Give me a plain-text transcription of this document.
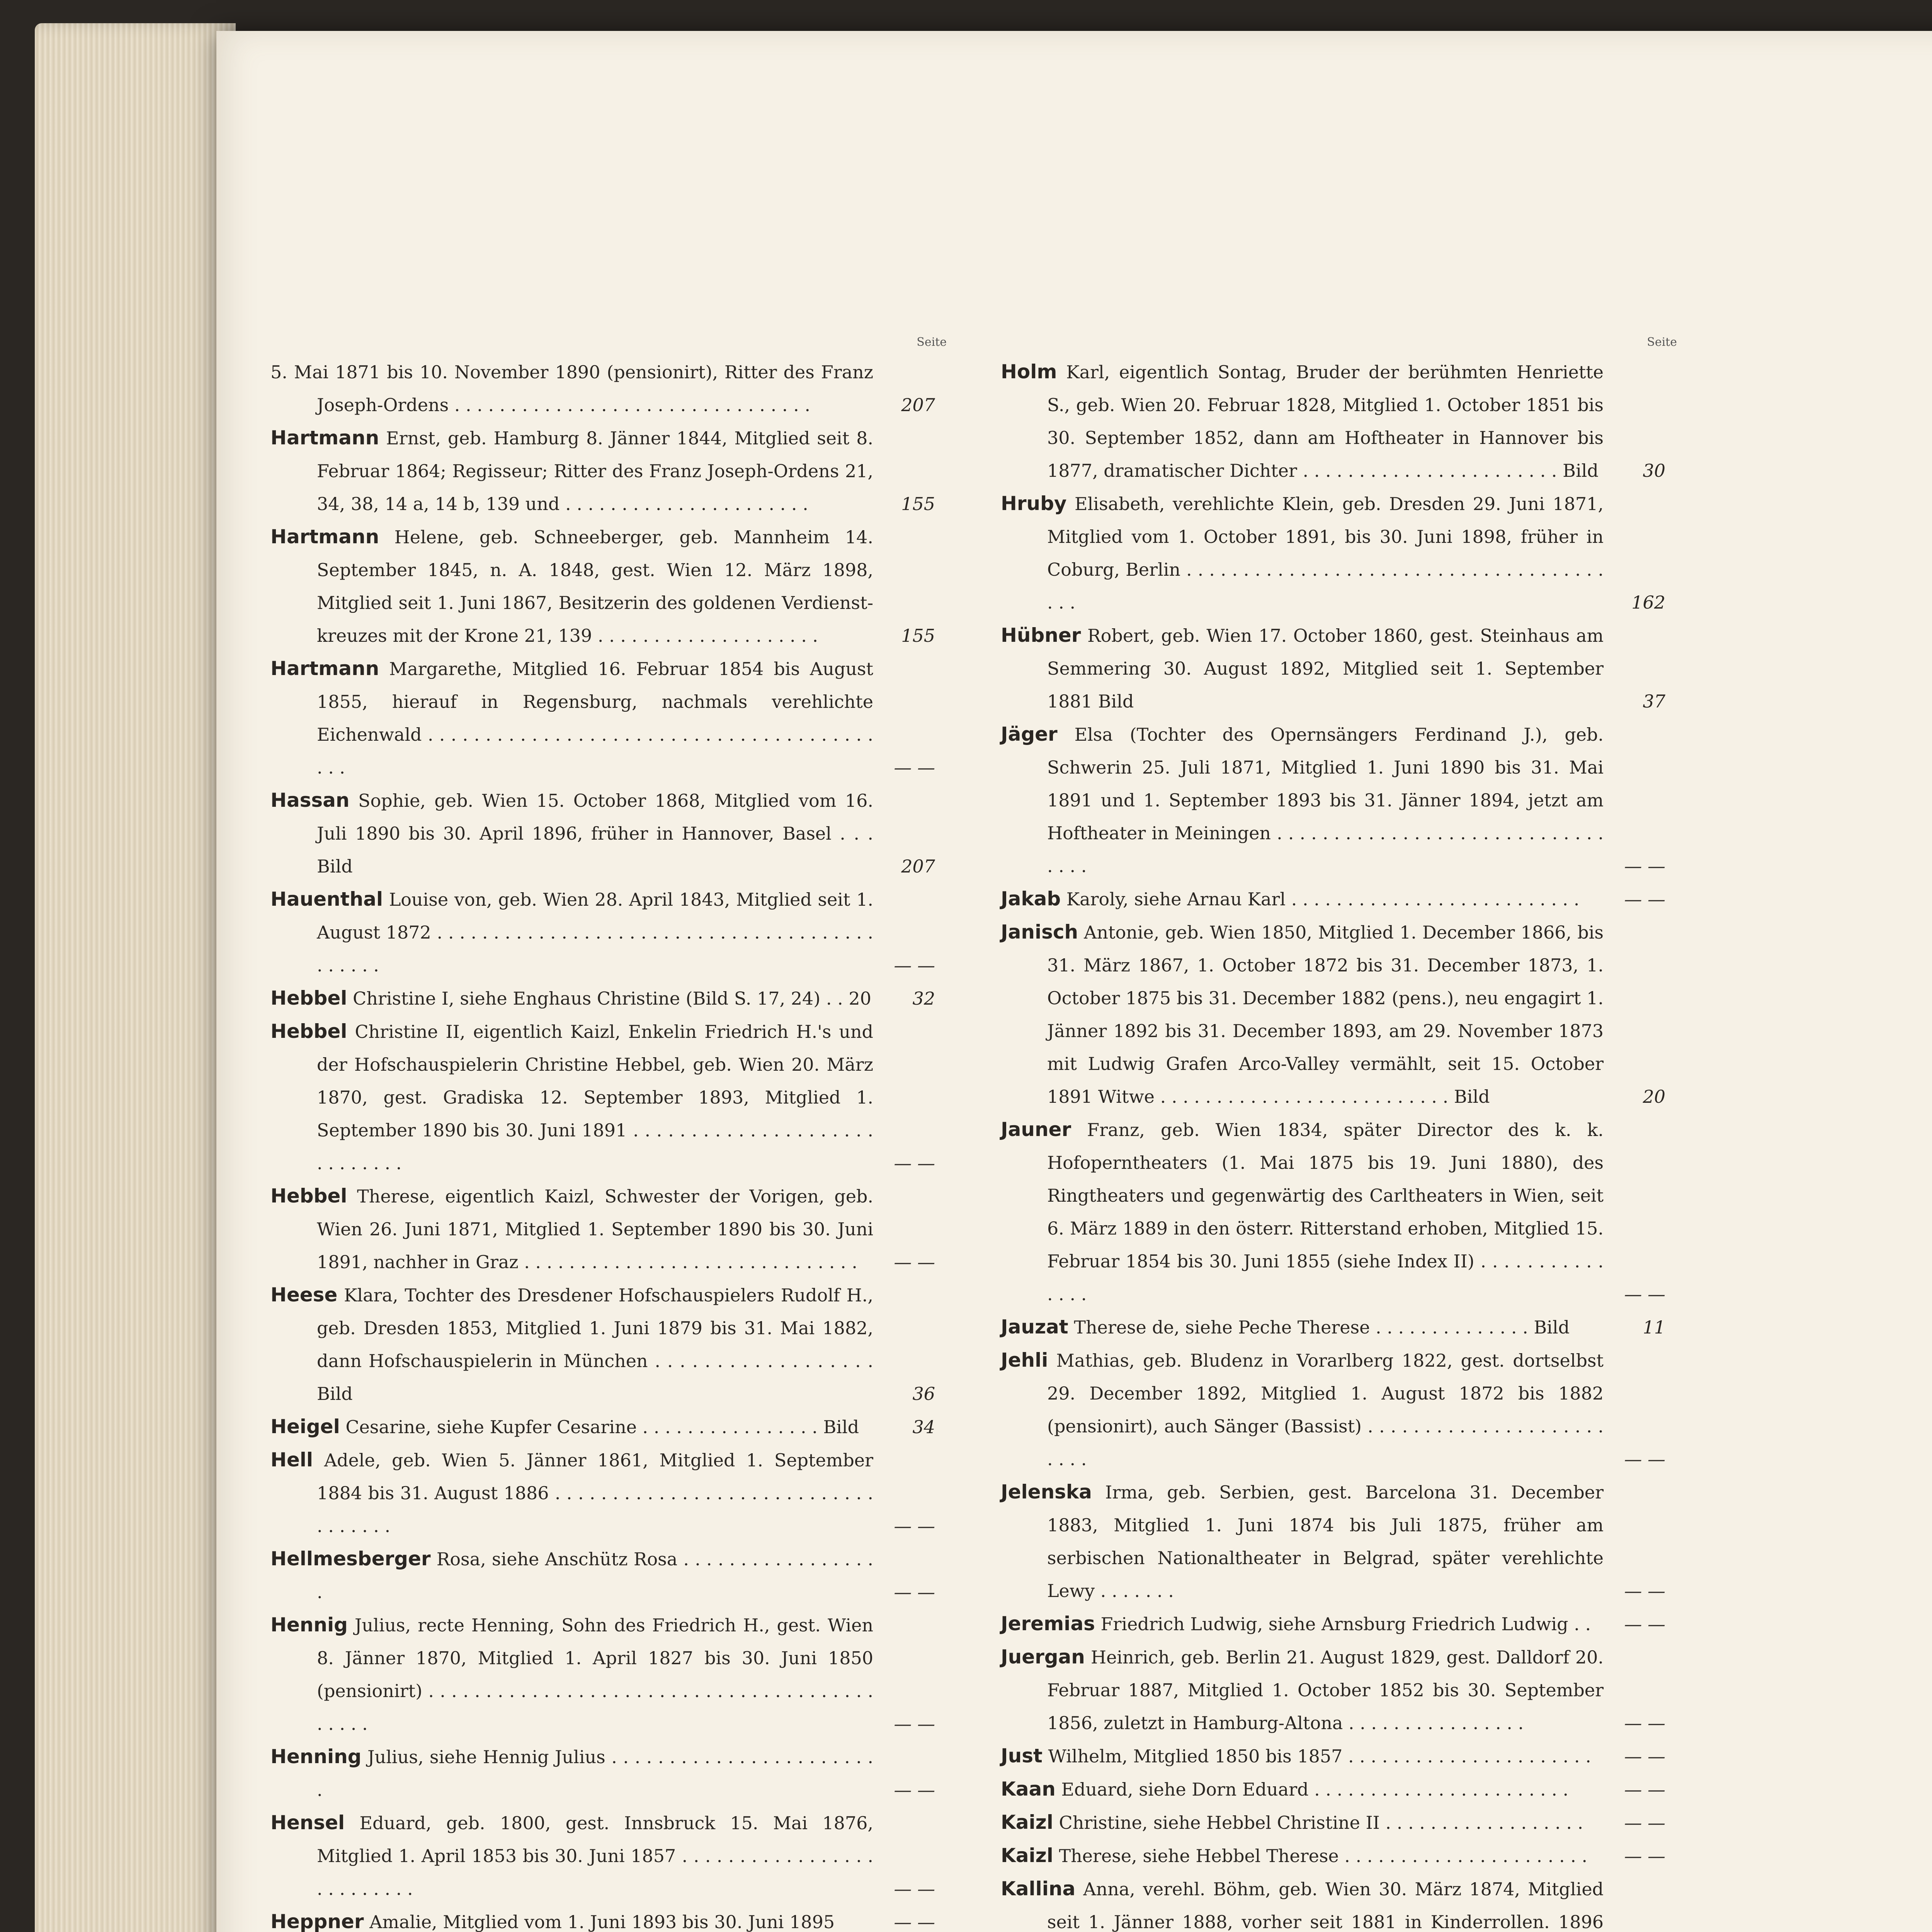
Seite

5. Mai 1871 bis 10. November 1890 (pensionirt), Ritter des Franz Joseph-Ordens . . . . . . . . . . . . . . . . . . . . . . . . . . . . . . . .	207

Hartmann Ernst, geb. Hamburg 8. Jänner 1844, Mitglied seit 8. Februar 1864; Regisseur; Ritter des Franz Joseph-Ordens 21, 34, 38, 14 a, 14 b, 139 und . . . . . . . . . . . . . . . . . . . . . .	155

Hartmann Helene, geb. Schneeberger, geb. Mannheim 14. September 1845, n. A. 1848, gest. Wien 12. März 1898, Mitglied seit 1. Juni 1867, Besitzerin des goldenen Verdienst-kreuzes mit der Krone 21, 139 . . . . . . . . . . . . . . . . . . . .	155

Hartmann Margarethe, Mitglied 16. Februar 1854 bis August 1855, hierauf in Regensburg, nachmals verehlichte Eichenwald . . . . . . . . . . . . . . . . . . . . . . . . . . . . . . . . . . . . . . . . . .	— —

Hassan Sophie, geb. Wien 15. October 1868, Mitglied vom 16. Juli 1890 bis 30. April 1896, früher in Hannover, Basel . . . Bild	207

Hauenthal Louise von, geb. Wien 28. April 1843, Mitglied seit 1. August 1872 . . . . . . . . . . . . . . . . . . . . . . . . . . . . . . . . . . . . . . . . . . . . .	— —

Hebbel Christine I, siehe Enghaus Christine (Bild S. 17, 24) . . 20	32

Hebbel Christine II, eigentlich Kaizl, Enkelin Friedrich H.'s und der Hofschauspielerin Christine Hebbel, geb. Wien 20. März 1870, gest. Gradiska 12. September 1893, Mitglied 1. September 1890 bis 30. Juni 1891 . . . . . . . . . . . . . . . . . . . . . . . . . . . . .	— —

Hebbel Therese, eigentlich Kaizl, Schwester der Vorigen, geb. Wien 26. Juni 1871, Mitglied 1. September 1890 bis 30. Juni 1891, nachher in Graz . . . . . . . . . . . . . . . . . . . . . . . . . . . . . .	— —

Heese Klara, Tochter des Dresdener Hofschauspielers Rudolf H., geb. Dresden 1853, Mitglied 1. Juni 1879 bis 31. Mai 1882, dann Hofschauspielerin in München . . . . . . . . . . . . . . . . . . Bild	36

Heigel Cesarine, siehe Kupfer Cesarine . . . . . . . . . . . . . . . . Bild	34

Hell Adele, geb. Wien 5. Jänner 1861, Mitglied 1. September 1884 bis 31. August 1886 . . . . . . . . . . . . . . . . . . . . . . . . . . . . . . . . . . .	— —

Hellmesberger Rosa, siehe Anschütz Rosa . . . . . . . . . . . . . . . . . .	— —

Hennig Julius, recte Henning, Sohn des Friedrich H., gest. Wien 8. Jänner 1870, Mitglied 1. April 1827 bis 30. Juni 1850 (pensionirt) . . . . . . . . . . . . . . . . . . . . . . . . . . . . . . . . . . . . . . . . . . . .	— —

Henning Julius, siehe Hennig Julius . . . . . . . . . . . . . . . . . . . . . . . .	— —

Hensel Eduard, geb. 1800, gest. Innsbruck 15. Mai 1876, Mitglied 1. April 1853 bis 30. Juni 1857 . . . . . . . . . . . . . . . . . . . . . . . . . .	— —

Heppner Amalie, Mitglied vom 1. Juni 1893 bis 30. Juni 1895	— —

Seite

Holm Karl, eigentlich Sontag, Bruder der berühmten Henriette S., geb. Wien 20. Februar 1828, Mitglied 1. October 1851 bis 30. September 1852, dann am Hoftheater in Hannover bis 1877, dramatischer Dichter . . . . . . . . . . . . . . . . . . . . . . . Bild	30

Hruby Elisabeth, verehlichte Klein, geb. Dresden 29. Juni 1871, Mitglied vom 1. October 1891, bis 30. Juni 1898, früher in Coburg, Berlin . . . . . . . . . . . . . . . . . . . . . . . . . . . . . . . . . . . . . . . .	162

Hübner Robert, geb. Wien 17. October 1860, gest. Steinhaus am Semmering 30. August 1892, Mitglied seit 1. September 1881 Bild	37

Jäger Elsa (Tochter des Opernsängers Ferdinand J.), geb. Schwerin 25. Juli 1871, Mitglied 1. Juni 1890 bis 31. Mai 1891 und 1. September 1893 bis 31. Jänner 1894, jetzt am Hoftheater in Meiningen . . . . . . . . . . . . . . . . . . . . . . . . . . . . . . . . .	— —

Jakab Karoly, siehe Arnau Karl . . . . . . . . . . . . . . . . . . . . . . . . . .	— —

Janisch Antonie, geb. Wien 1850, Mitglied 1. December 1866, bis 31. März 1867, 1. October 1872 bis 31. December 1873, 1. October 1875 bis 31. December 1882 (pens.), neu engagirt 1. Jänner 1892 bis 31. December 1893, am 29. November 1873 mit Ludwig Grafen Arco-Valley vermählt, seit 15. October 1891 Witwe . . . . . . . . . . . . . . . . . . . . . . . . . . Bild	20

Jauner Franz, geb. Wien 1834, später Director des k. k. Hofoperntheaters (1. Mai 1875 bis 19. Juni 1880), des Ringtheaters und gegenwärtig des Carltheaters in Wien, seit 6. März 1889 in den österr. Ritterstand erhoben, Mitglied 15. Februar 1854 bis 30. Juni 1855 (siehe Index II) . . . . . . . . . . . . . . .	— —

Jauzat Therese de, siehe Peche Therese . . . . . . . . . . . . . . Bild	11

Jehli Mathias, geb. Bludenz in Vorarlberg 1822, gest. dortselbst 29. December 1892, Mitglied 1. August 1872 bis 1882 (pensionirt), auch Sänger (Bassist) . . . . . . . . . . . . . . . . . . . . . . . . .	— —

Jelenska Irma, geb. Serbien, gest. Barcelona 31. December 1883, Mitglied 1. Juni 1874 bis Juli 1875, früher am serbischen Nationaltheater in Belgrad, später verehlichte Lewy . . . . . . .	— —

Jeremias Friedrich Ludwig, siehe Arnsburg Friedrich Ludwig . .	— —

Juergan Heinrich, geb. Berlin 21. August 1829, gest. Dalldorf 20. Februar 1887, Mitglied 1. October 1852 bis 30. September 1856, zuletzt in Hamburg-Altona . . . . . . . . . . . . . . . .	— —

Just Wilhelm, Mitglied 1850 bis 1857 . . . . . . . . . . . . . . . . . . . . . .	— —

Kaan Eduard, siehe Dorn Eduard . . . . . . . . . . . . . . . . . . . . . . .	— —

Kaizl Christine, siehe Hebbel Christine II . . . . . . . . . . . . . . . . . .	— —

Kaizl Therese, siehe Hebbel Therese . . . . . . . . . . . . . . . . . . . . . .	— —

Kallina Anna, verehl. Böhm, geb. Wien 30. März 1874, Mitglied seit 1. Jänner 1888, vorher seit 1881 in Kinderrollen. 1896
